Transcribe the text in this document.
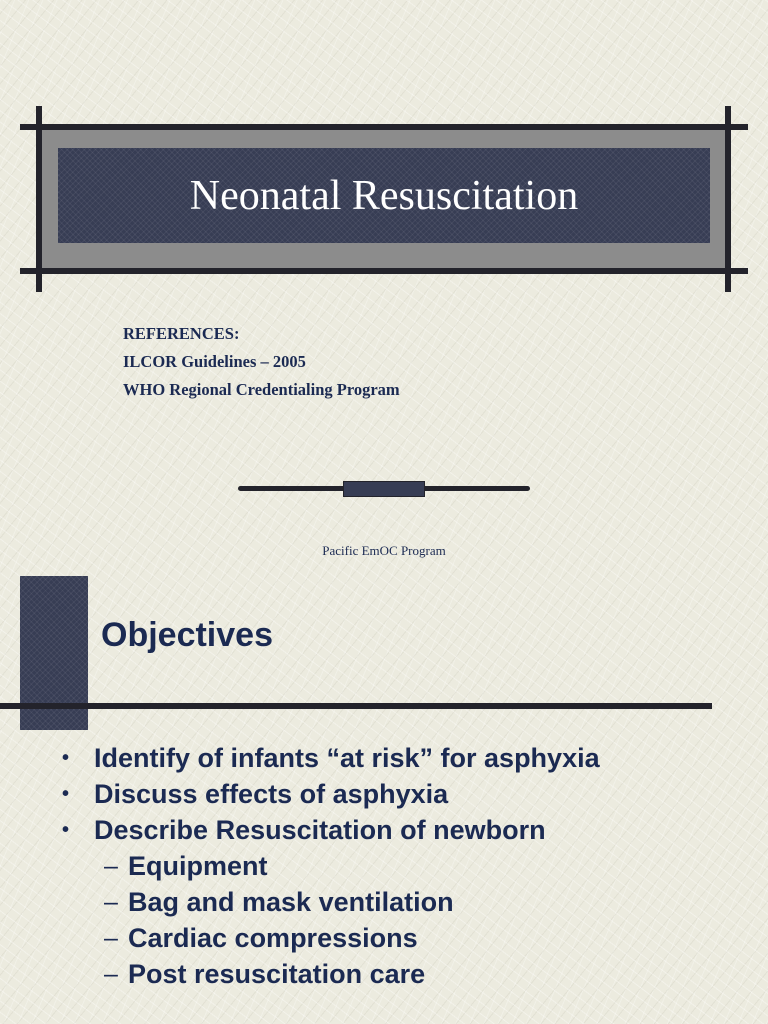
Neonatal Resuscitation
REFERENCES:
ILCOR Guidelines – 2005
WHO Regional Credentialing Program
Pacific EmOC Program
Objectives
• Identify of infants “at risk” for asphyxia
• Discuss effects of asphyxia
• Describe Resuscitation of newborn
– Equipment
– Bag and mask ventilation
– Cardiac compressions
– Post resuscitation care
